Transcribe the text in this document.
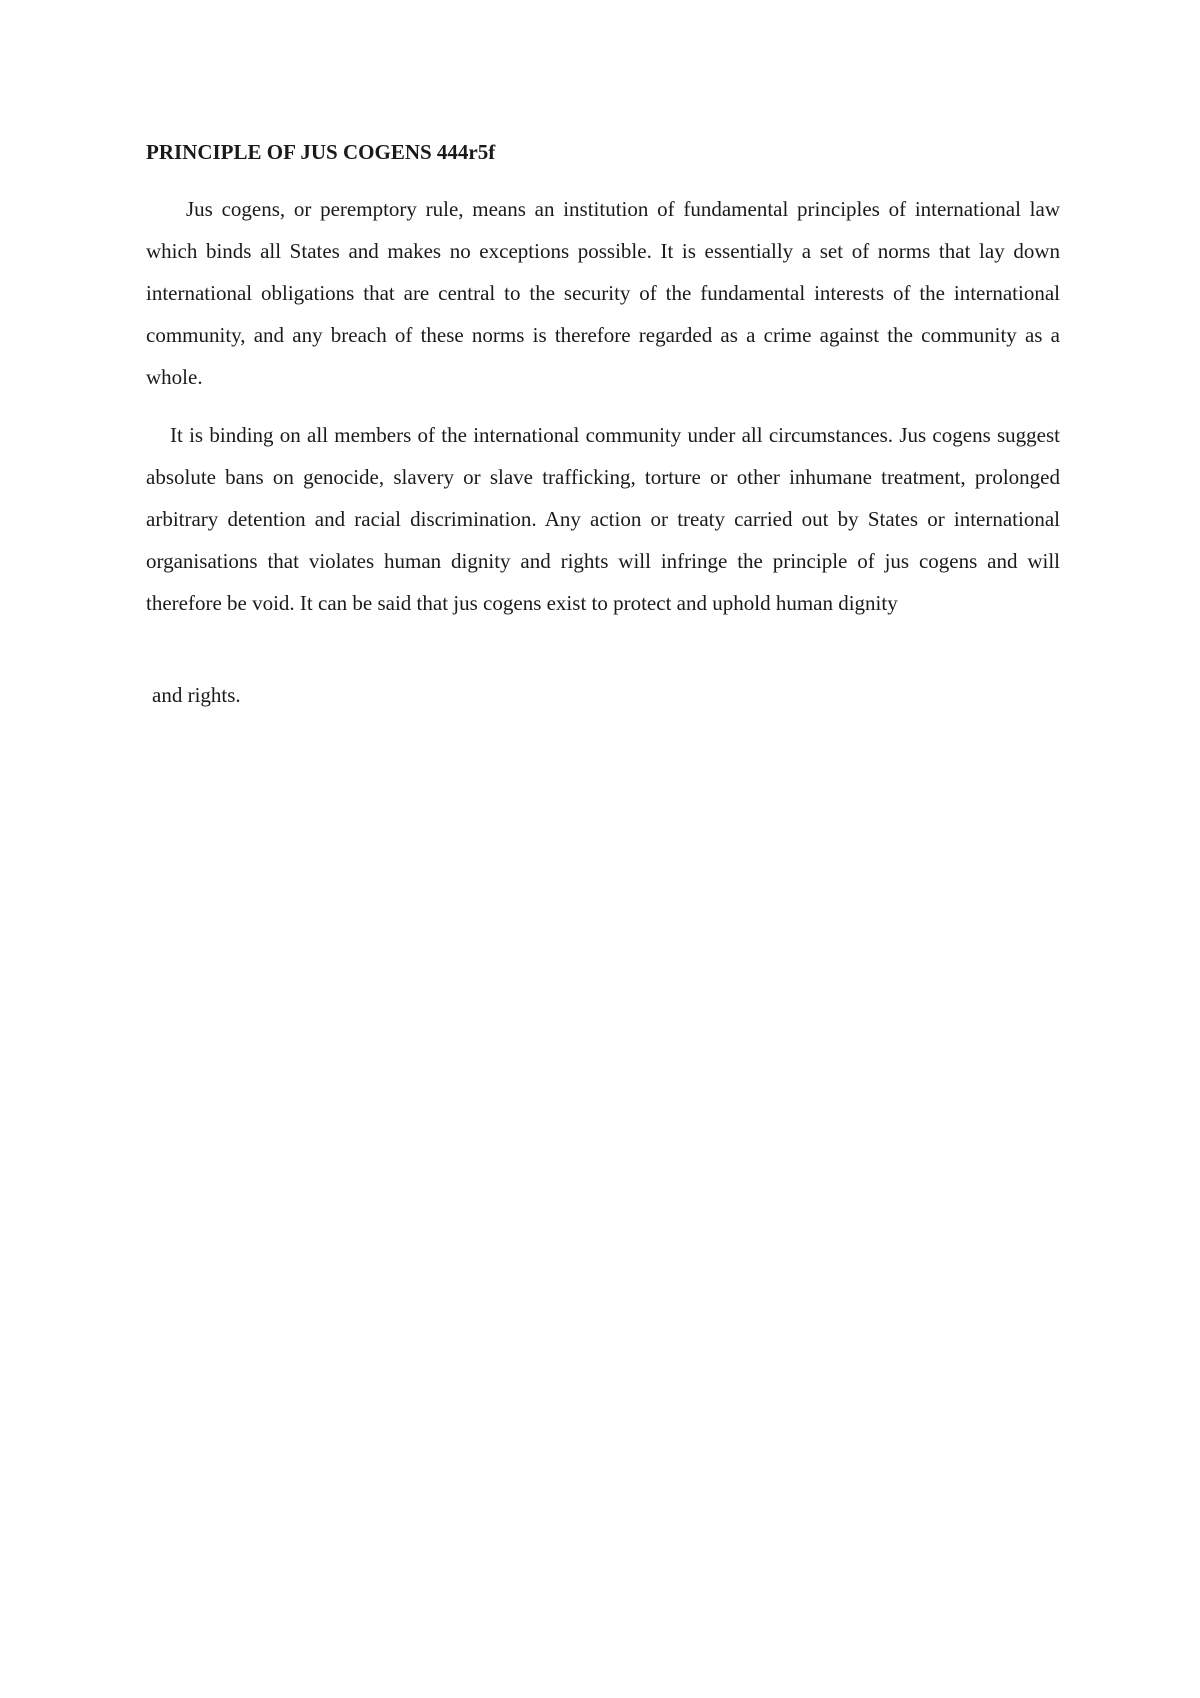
PRINCIPLE OF JUS COGENS 444r5f

Jus cogens, or peremptory rule, means an institution of fundamental principles of international law which binds all States and makes no exceptions possible. It is essentially a set of norms that lay down international obligations that are central to the security of the fundamental interests of the international community, and any breach of these norms is therefore regarded as a crime against the community as a whole.

It is binding on all members of the international community under all circumstances. Jus cogens suggest absolute bans on genocide, slavery or slave trafficking, torture or other inhumane treatment, prolonged arbitrary detention and racial discrimination. Any action or treaty carried out by States or international organisations that violates human dignity and rights will infringe the principle of jus cogens and will therefore be void. It can be said that jus cogens exist to protect and uphold human dignity

and rights.
